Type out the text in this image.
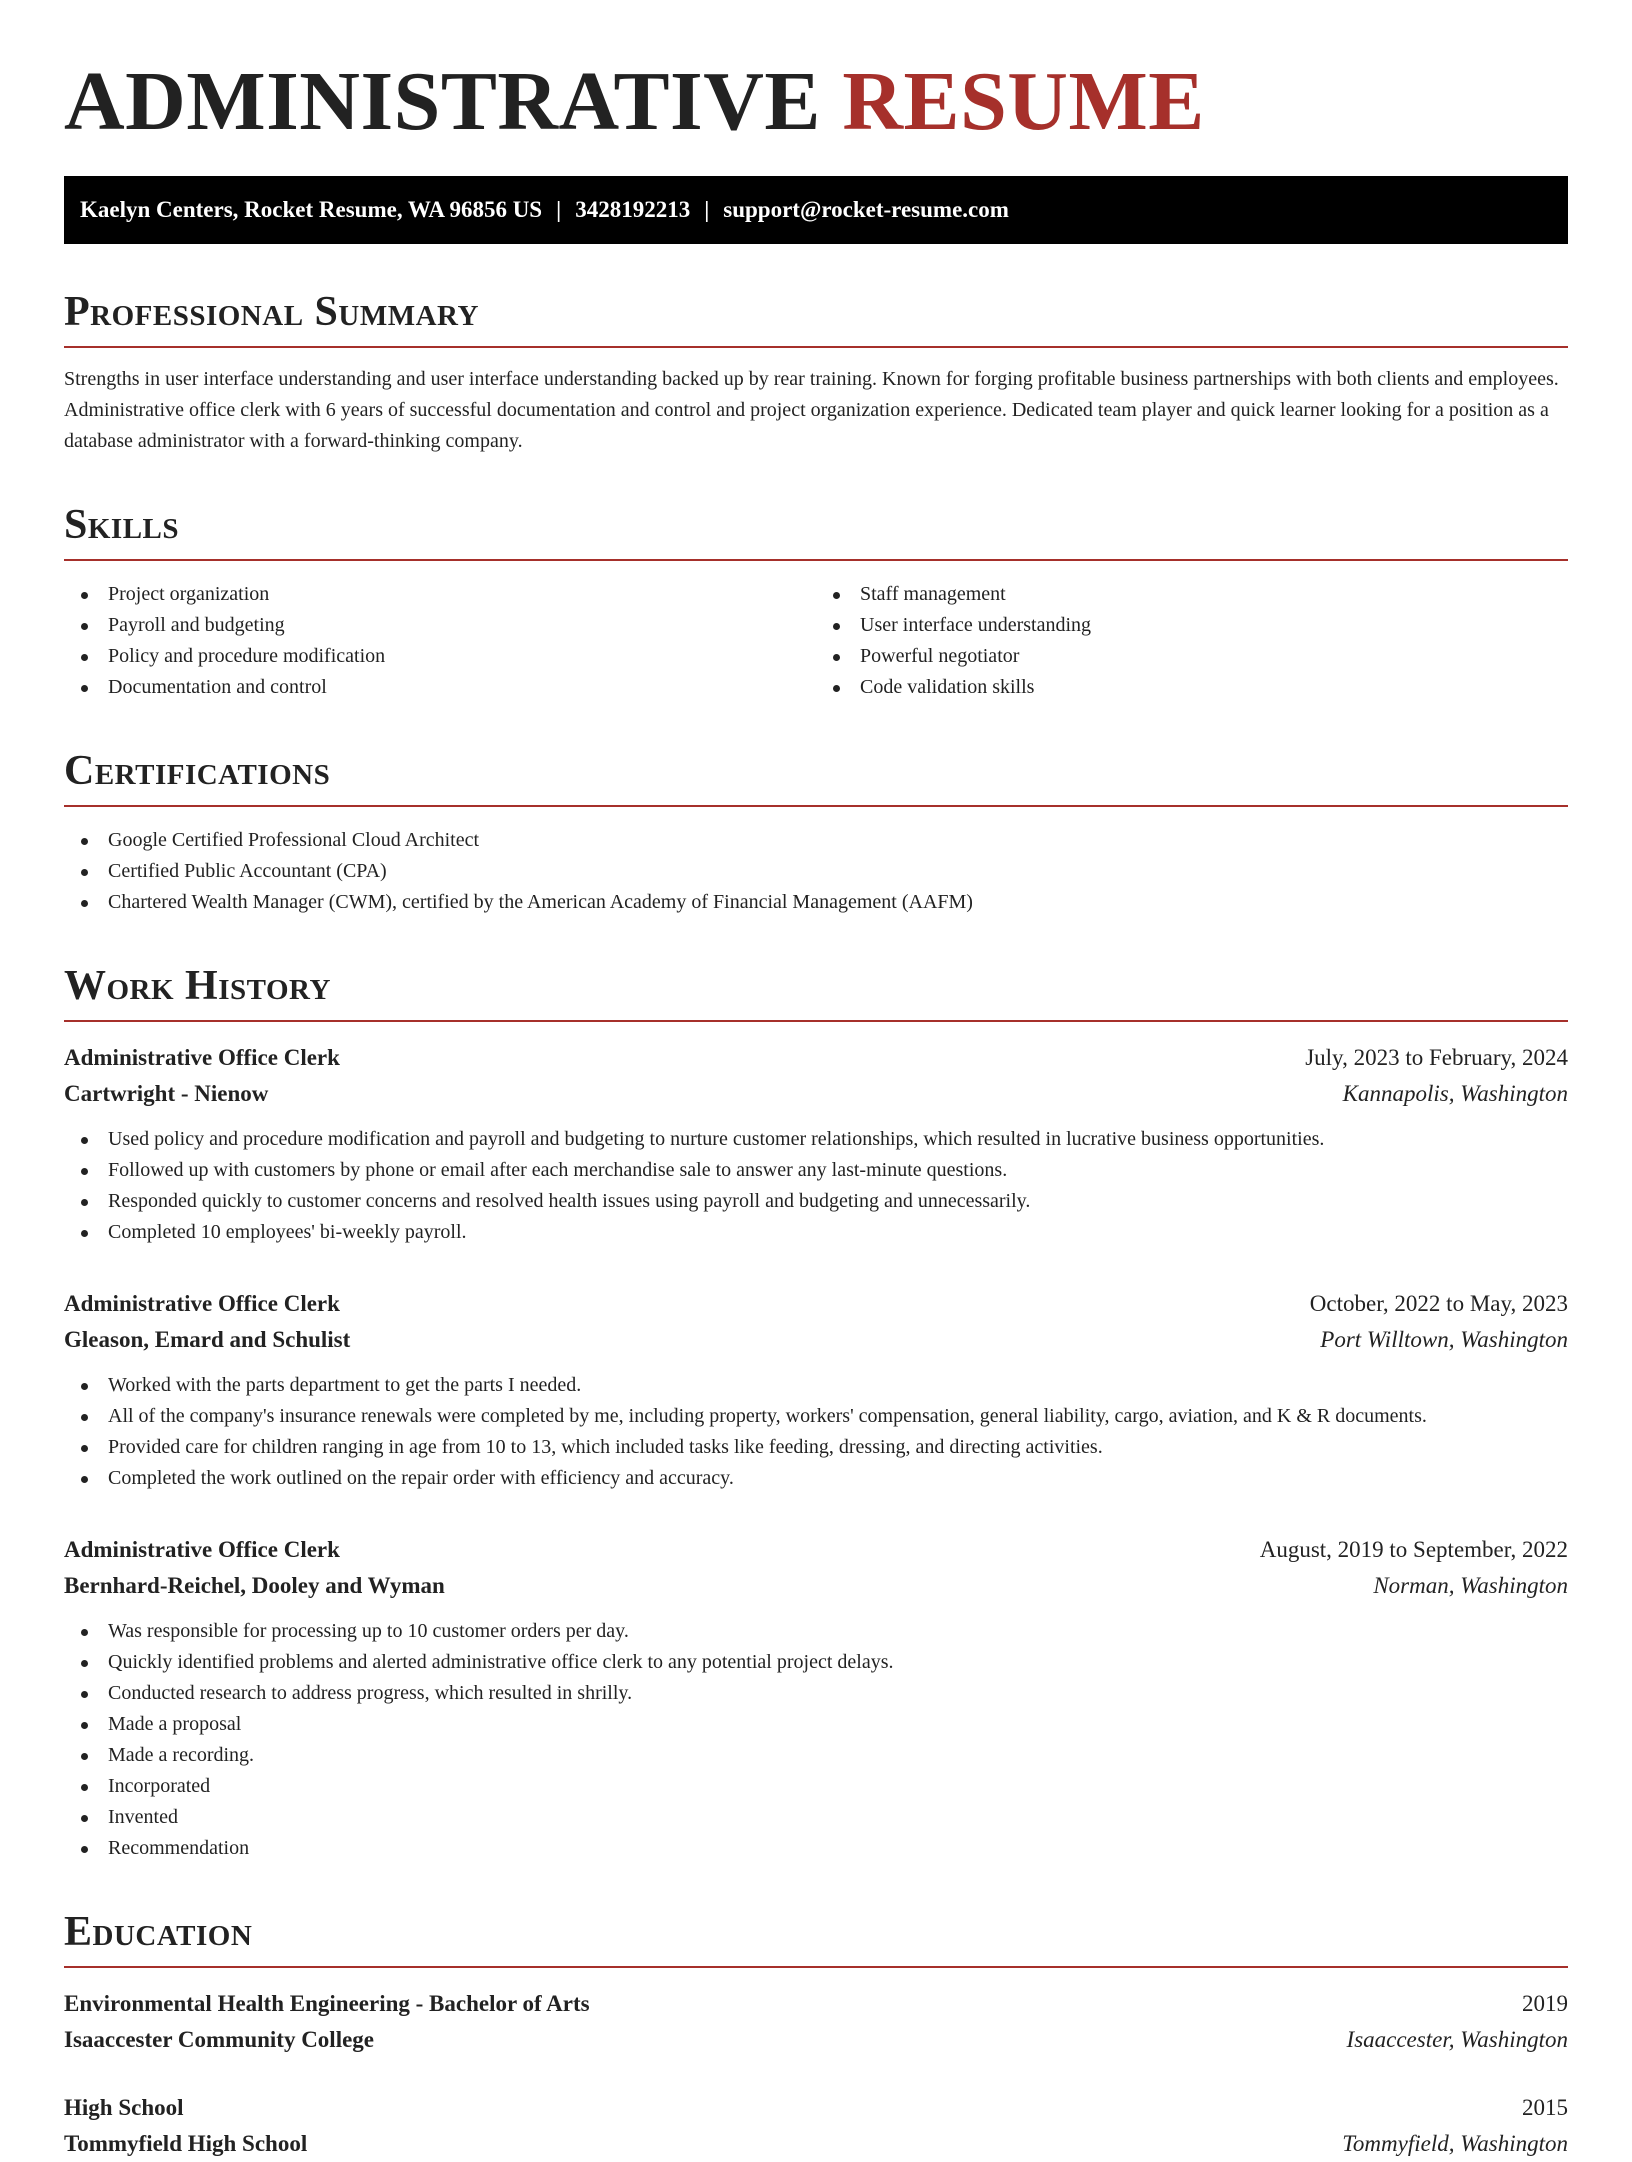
ADMINISTRATIVE RESUME
Kaelyn Centers, Rocket Resume, WA 96856 US | 3428192213 | support@rocket-resume.com
Professional Summary

Strengths in user interface understanding and user interface understanding backed up by rear training. Known for forging profitable business partnerships with both clients and employees. Administrative office clerk with 6 years of successful documentation and control and project organization experience. Dedicated team player and quick learner looking for a position as a database administrator with a forward-thinking company.

Skills
Project organization
Payroll and budgeting
Policy and procedure modification
Documentation and control
Staff management
User interface understanding
Powerful negotiator
Code validation skills
Certifications
Google Certified Professional Cloud Architect
Certified Public Accountant (CPA)
Chartered Wealth Manager (CWM), certified by the American Academy of Financial Management (AAFM)
Work History
Administrative Office Clerk	July, 2023 to February, 2024
Cartwright - Nienow	Kannapolis, Washington
Used policy and procedure modification and payroll and budgeting to nurture customer relationships, which resulted in lucrative business opportunities.
Followed up with customers by phone or email after each merchandise sale to answer any last-minute questions.
Responded quickly to customer concerns and resolved health issues using payroll and budgeting and unnecessarily.
Completed 10 employees' bi-weekly payroll.
Administrative Office Clerk	October, 2022 to May, 2023
Gleason, Emard and Schulist	Port Willtown, Washington
Worked with the parts department to get the parts I needed.
All of the company's insurance renewals were completed by me, including property, workers' compensation, general liability, cargo, aviation, and K & R documents.
Provided care for children ranging in age from 10 to 13, which included tasks like feeding, dressing, and directing activities.
Completed the work outlined on the repair order with efficiency and accuracy.
Administrative Office Clerk	August, 2019 to September, 2022
Bernhard-Reichel, Dooley and Wyman	Norman, Washington
Was responsible for processing up to 10 customer orders per day.
Quickly identified problems and alerted administrative office clerk to any potential project delays.
Conducted research to address progress, which resulted in shrilly.
Made a proposal
Made a recording.
Incorporated
Invented
Recommendation
Education
Environmental Health Engineering - Bachelor of Arts	2019
Isaaccester Community College	Isaaccester, Washington
High School	2015
Tommyfield High School	Tommyfield, Washington
